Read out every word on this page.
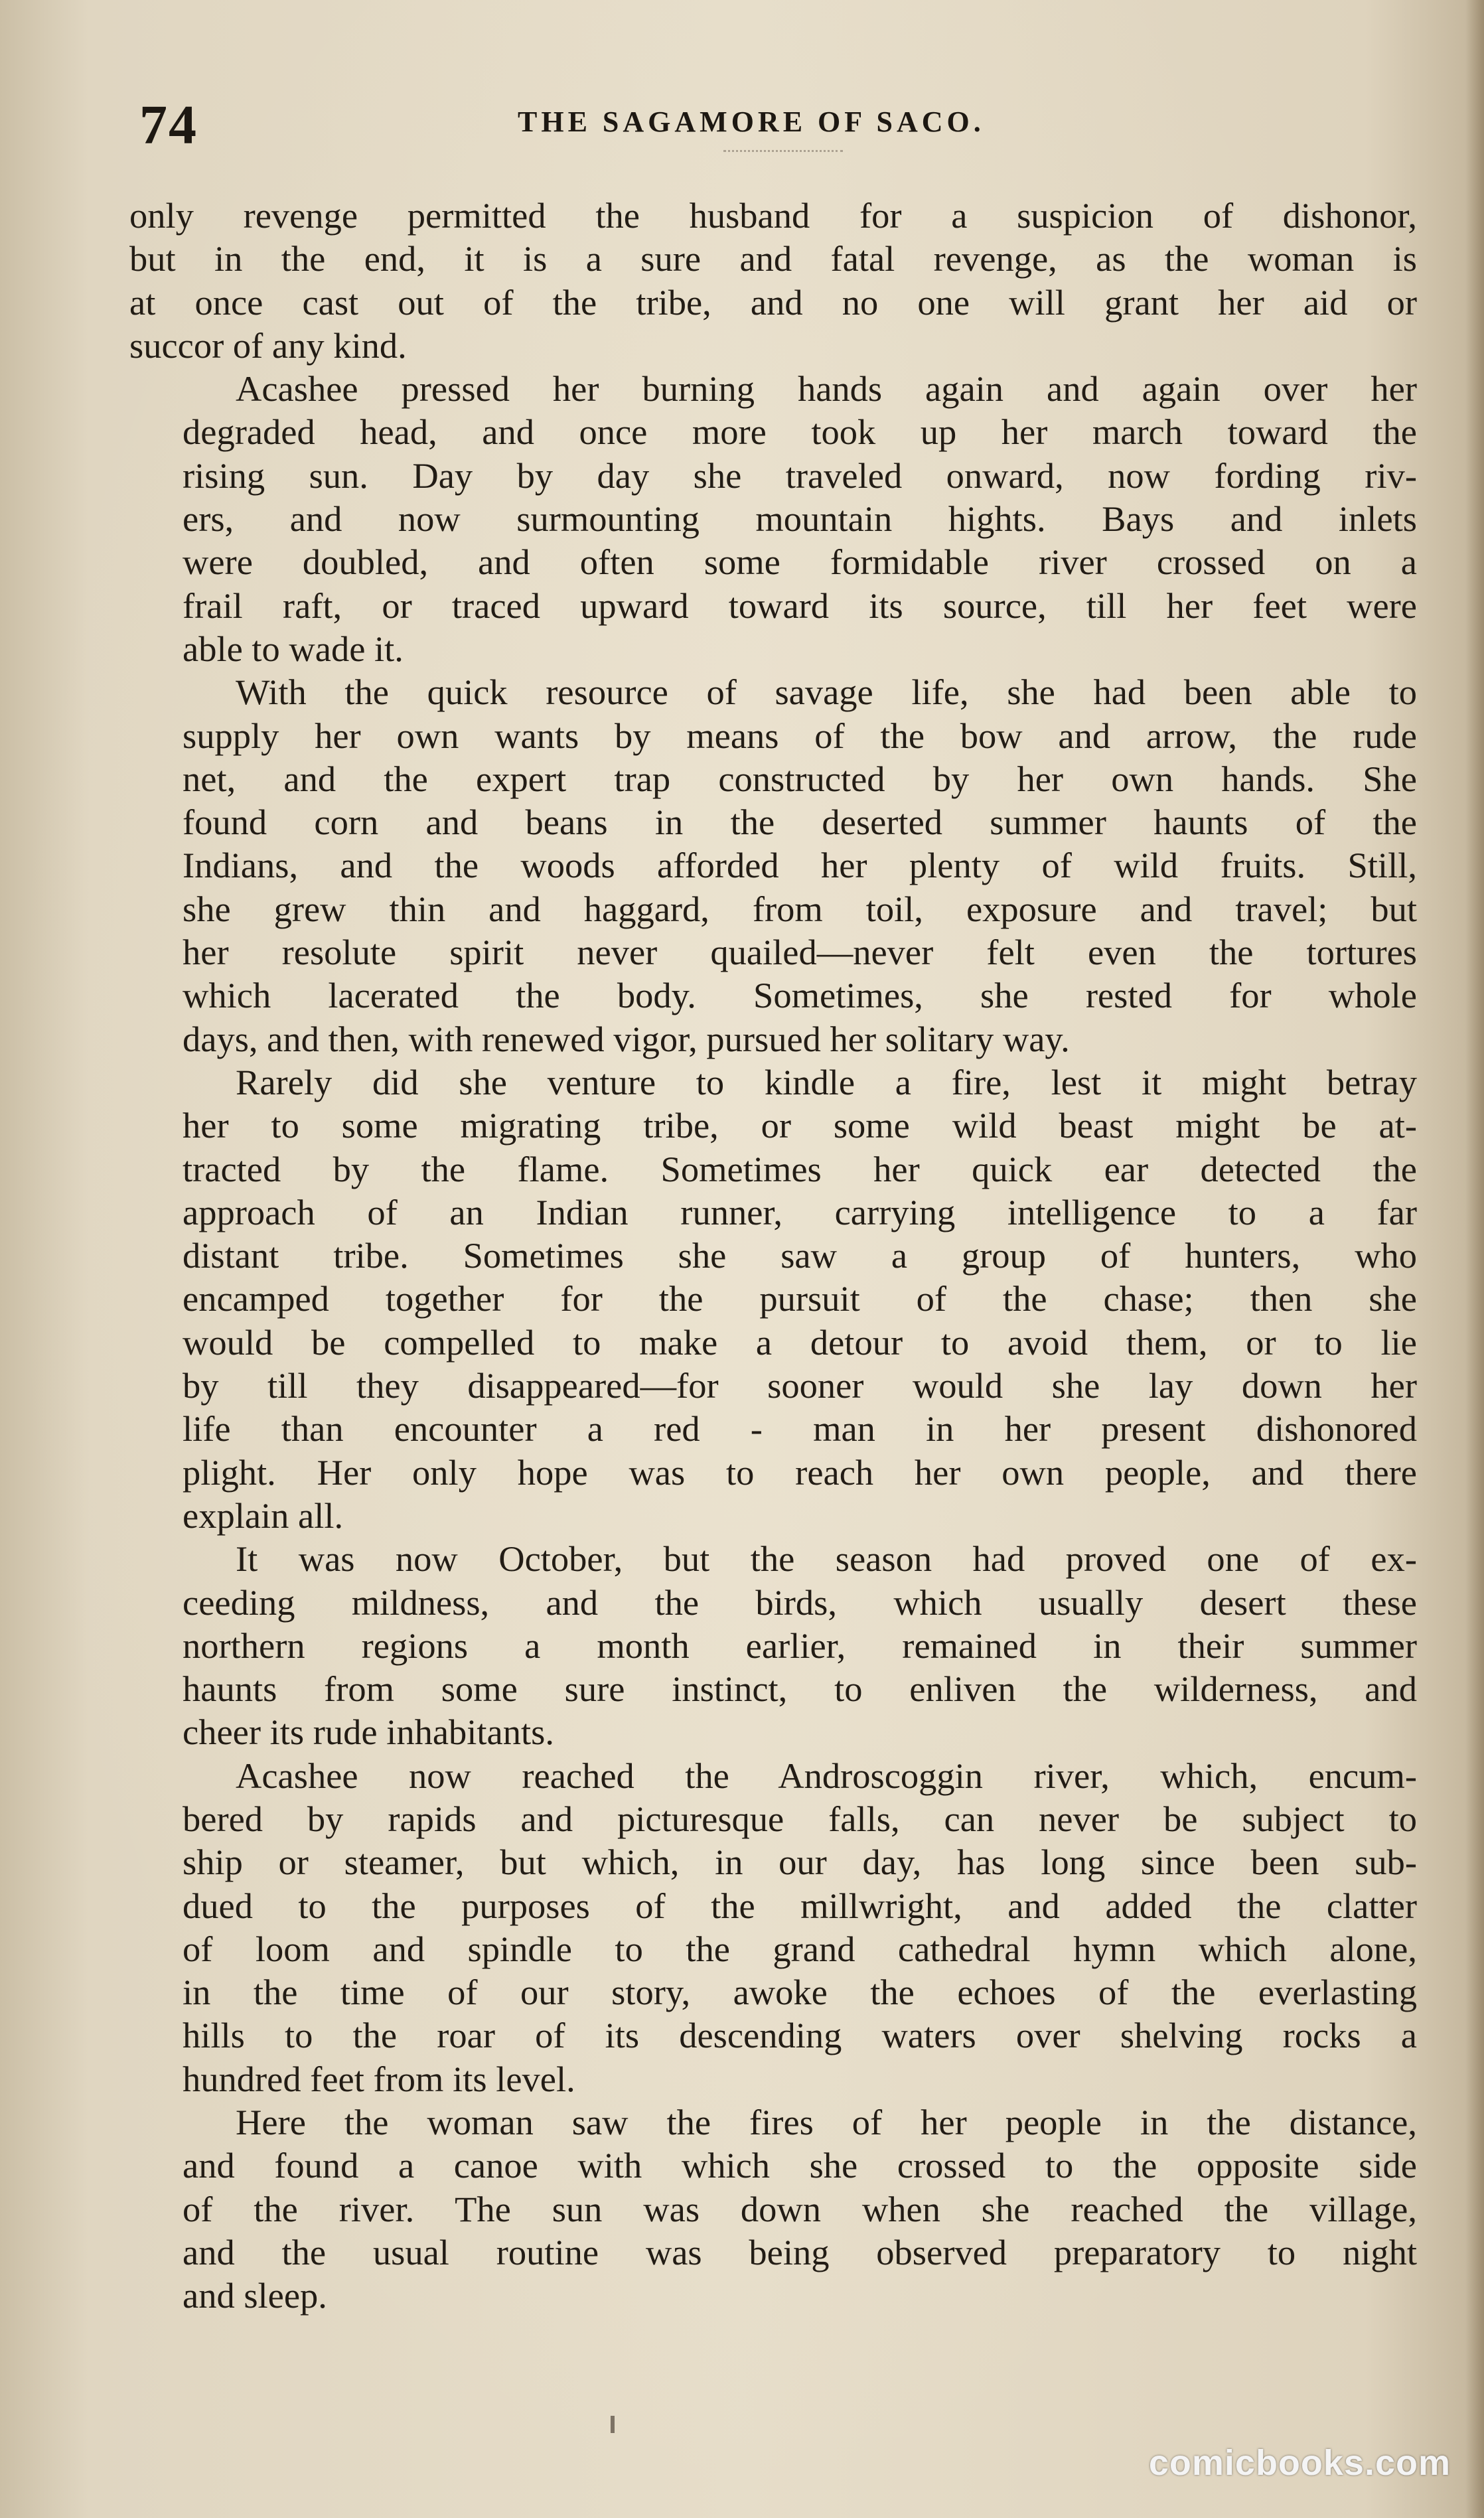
74	THE SAGAMORE OF SACO.

only revenge permitted the husband for a suspicion of dishonor,
but in the end, it is a sure and fatal revenge, as the woman is
at once cast out of the tribe, and no one will grant her aid or
succor of any kind.

Acashee pressed her burning hands again and again over her
degraded head, and once more took up her march toward the
rising sun. Day by day she traveled onward, now fording riv-
ers, and now surmounting mountain hights. Bays and inlets
were doubled, and often some formidable river crossed on a
frail raft, or traced upward toward its source, till her feet were
able to wade it.

With the quick resource of savage life, she had been able to
supply her own wants by means of the bow and arrow, the rude
net, and the expert trap constructed by her own hands. She
found corn and beans in the deserted summer haunts of the
Indians, and the woods afforded her plenty of wild fruits. Still,
she grew thin and haggard, from toil, exposure and travel; but
her resolute spirit never quailed—never felt even the tortures
which lacerated the body. Sometimes, she rested for whole
days, and then, with renewed vigor, pursued her solitary way.

Rarely did she venture to kindle a fire, lest it might betray
her to some migrating tribe, or some wild beast might be at-
tracted by the flame. Sometimes her quick ear detected the
approach of an Indian runner, carrying intelligence to a far
distant tribe. Sometimes she saw a group of hunters, who
encamped together for the pursuit of the chase; then she
would be compelled to make a detour to avoid them, or to lie
by till they disappeared—for sooner would she lay down her
life than encounter a red - man in her present dishonored
plight. Her only hope was to reach her own people, and there
explain all.

It was now October, but the season had proved one of ex-
ceeding mildness, and the birds, which usually desert these
northern regions a month earlier, remained in their summer
haunts from some sure instinct, to enliven the wilderness, and
cheer its rude inhabitants.

Acashee now reached the Androscoggin river, which, encum-
bered by rapids and picturesque falls, can never be subject to
ship or steamer, but which, in our day, has long since been sub-
dued to the purposes of the millwright, and added the clatter
of loom and spindle to the grand cathedral hymn which alone,
in the time of our story, awoke the echoes of the everlasting
hills to the roar of its descending waters over shelving rocks a
hundred feet from its level.

Here the woman saw the fires of her people in the distance,
and found a canoe with which she crossed to the opposite side
of the river. The sun was down when she reached the village,
and the usual routine was being observed preparatory to night
and sleep.

comicbooks.com
